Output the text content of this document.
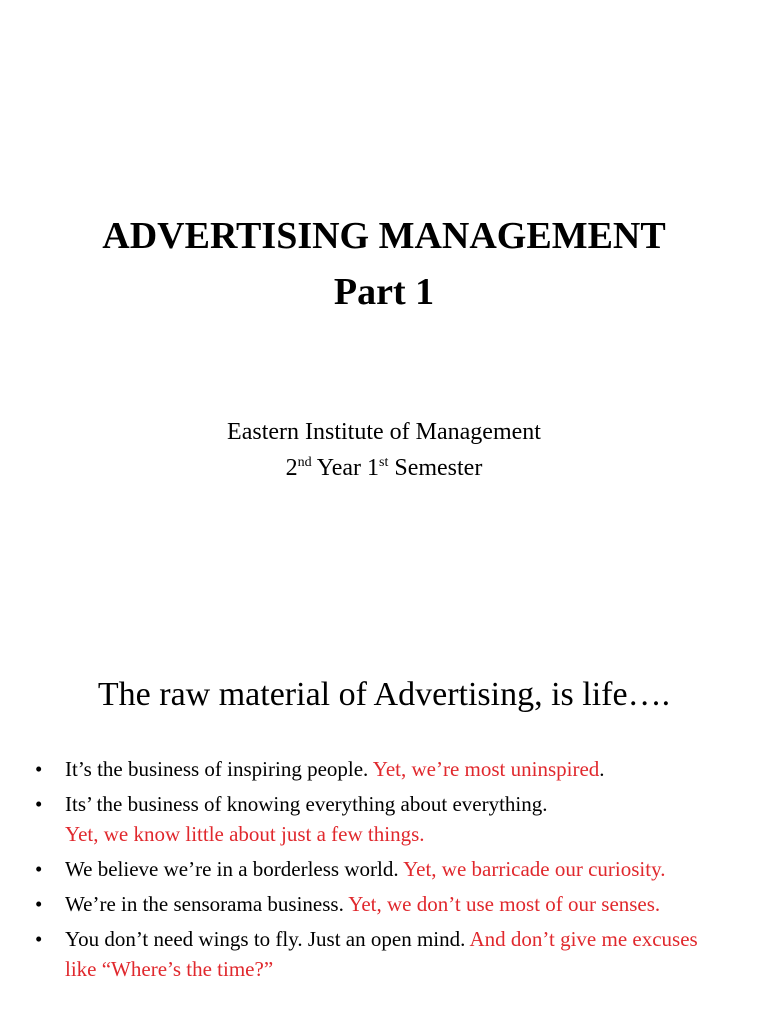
ADVERTISING MANAGEMENT
Part 1
Eastern Institute of Management
2nd Year 1st Semester
The raw material of Advertising, is life….
• It’s the business of inspiring people. Yet, we’re most uninspired.
• Its’ the business of knowing everything about everything.
Yet, we know little about just a few things.
• We believe we’re in a borderless world. Yet, we barricade our curiosity.
• We’re in the sensorama business. Yet, we don’t use most of our senses.
• You don’t need wings to fly. Just an open mind. And don’t give me excuses like “Where’s the time?”
